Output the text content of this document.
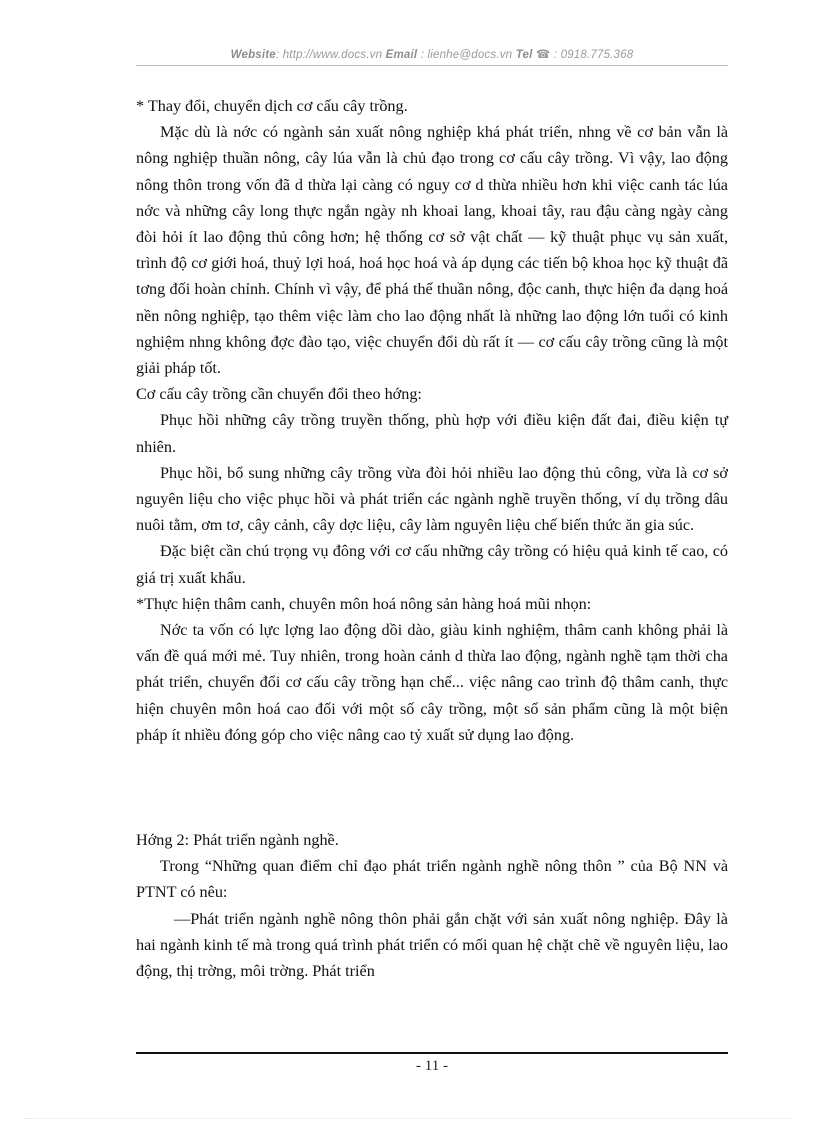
Website: http://www.docs.vn Email : lienhe@docs.vn Tel ☎ : 0918.775.368

* Thay đổi, chuyển dịch cơ cấu cây trồng.

Mặc dù là nớc có ngành sản xuất nông nghiệp khá phát triển, nhng về cơ bản vẫn là nông nghiệp thuần nông, cây lúa vẫn là chủ đạo trong cơ cấu cây trồng. Vì vậy, lao động nông thôn trong vốn đã d thừa lại càng có nguy cơ d thừa nhiều hơn khi việc canh tác lúa nớc và những cây long thực ngắn ngày nh khoai lang, khoai tây, rau đậu càng ngày càng đòi hỏi ít lao động thủ công hơn; hệ thống cơ sở vật chất — kỹ thuật phục vụ sản xuất, trình độ cơ giới hoá, thuỷ lợi hoá, hoá học hoá và áp dụng các tiến bộ khoa học kỹ thuật đã tơng đối hoàn chỉnh. Chính vì vậy, để phá thế thuần nông, độc canh, thực hiện đa dạng hoá nền nông nghiệp, tạo thêm việc làm cho lao động nhất là những lao động lớn tuổi có kinh nghiệm nhng không đợc đào tạo, việc chuyển đổi dù rất ít — cơ cấu cây trồng cũng là một giải pháp tốt.

Cơ cấu cây trồng cần chuyển đổi theo hớng:

Phục hồi những cây trồng truyền thống, phù hợp với điều kiện đất đai, điều kiện tự nhiên.

Phục hồi, bổ sung những cây trồng vừa đòi hỏi nhiều lao động thủ công, vừa là cơ sở nguyên liệu cho việc phục hồi và phát triển các ngành nghề truyền thống, ví dụ trồng dâu nuôi tằm, ơm tơ, cây cảnh, cây dợc liệu, cây làm nguyên liệu chế biến thức ăn gia súc.

Đặc biệt cần chú trọng vụ đông với cơ cấu những cây trồng có hiệu quả kinh tế cao, có giá trị xuất khẩu.

*Thực hiện thâm canh, chuyên môn hoá nông sản hàng hoá mũi nhọn:

Nớc ta vốn có lực lợng lao động dồi dào, giàu kinh nghiệm, thâm canh không phải là vấn đề quá mới mẻ. Tuy nhiên, trong hoàn cảnh d thừa lao động, ngành nghề tạm thời cha phát triển, chuyển đổi cơ cấu cây trồng hạn chế... việc nâng cao trình độ thâm canh, thực hiện chuyên môn hoá cao đối với một số cây trồng, một số sản phẩm cũng là một biện pháp ít nhiều đóng góp cho việc nâng cao tỷ xuất sử dụng lao động.

Hớng 2: Phát triển ngành nghề.

Trong “Những quan điểm chỉ đạo phát triển ngành nghề nông thôn ” của Bộ NN và PTNT có nêu:

—Phát triển ngành nghề nông thôn phải gắn chặt với sản xuất nông nghiệp. Đây là hai ngành kinh tế mà trong quá trình phát triển có mối quan hệ chặt chẽ về nguyên liệu, lao động, thị trờng, môi trờng. Phát triển

- 11 -
